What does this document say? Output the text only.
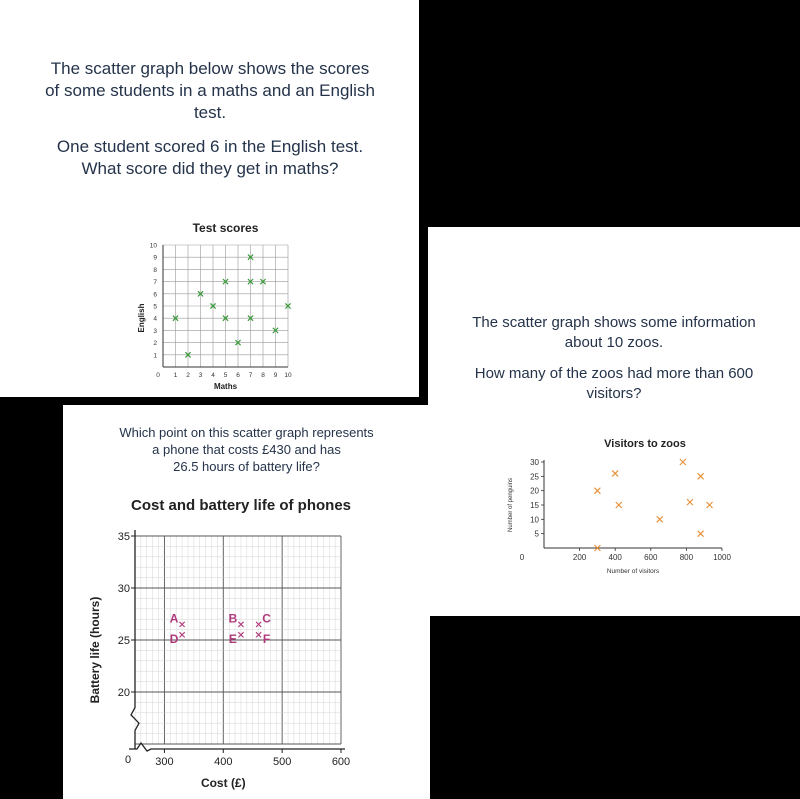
The scatter graph below shows the scores
of some students in a maths and an English
test.
One student scored 6 in the English test.
What score did they get in maths?
Test scores
0 1 2 3 4 5 6 7 8 9 10
1
2
3
4
5
6
7
8
9
10
Maths
English	The scatter graph shows some information
about 10 zoos.
How many of the zoos had more than 600
visitors?
Visitors to zoos
0	200	400	600	800	1000
5
10
15
20
25
30
Number of visitors
Number of penguins
Which point on this scatter graph represents
a phone that costs £430 and has
26.5 hours of battery life?
Cost and battery life of phones
20
25
30
35
300	400	500	600
0
Cost (£)
Battery life (hours)	A
D
B
E
C
F
